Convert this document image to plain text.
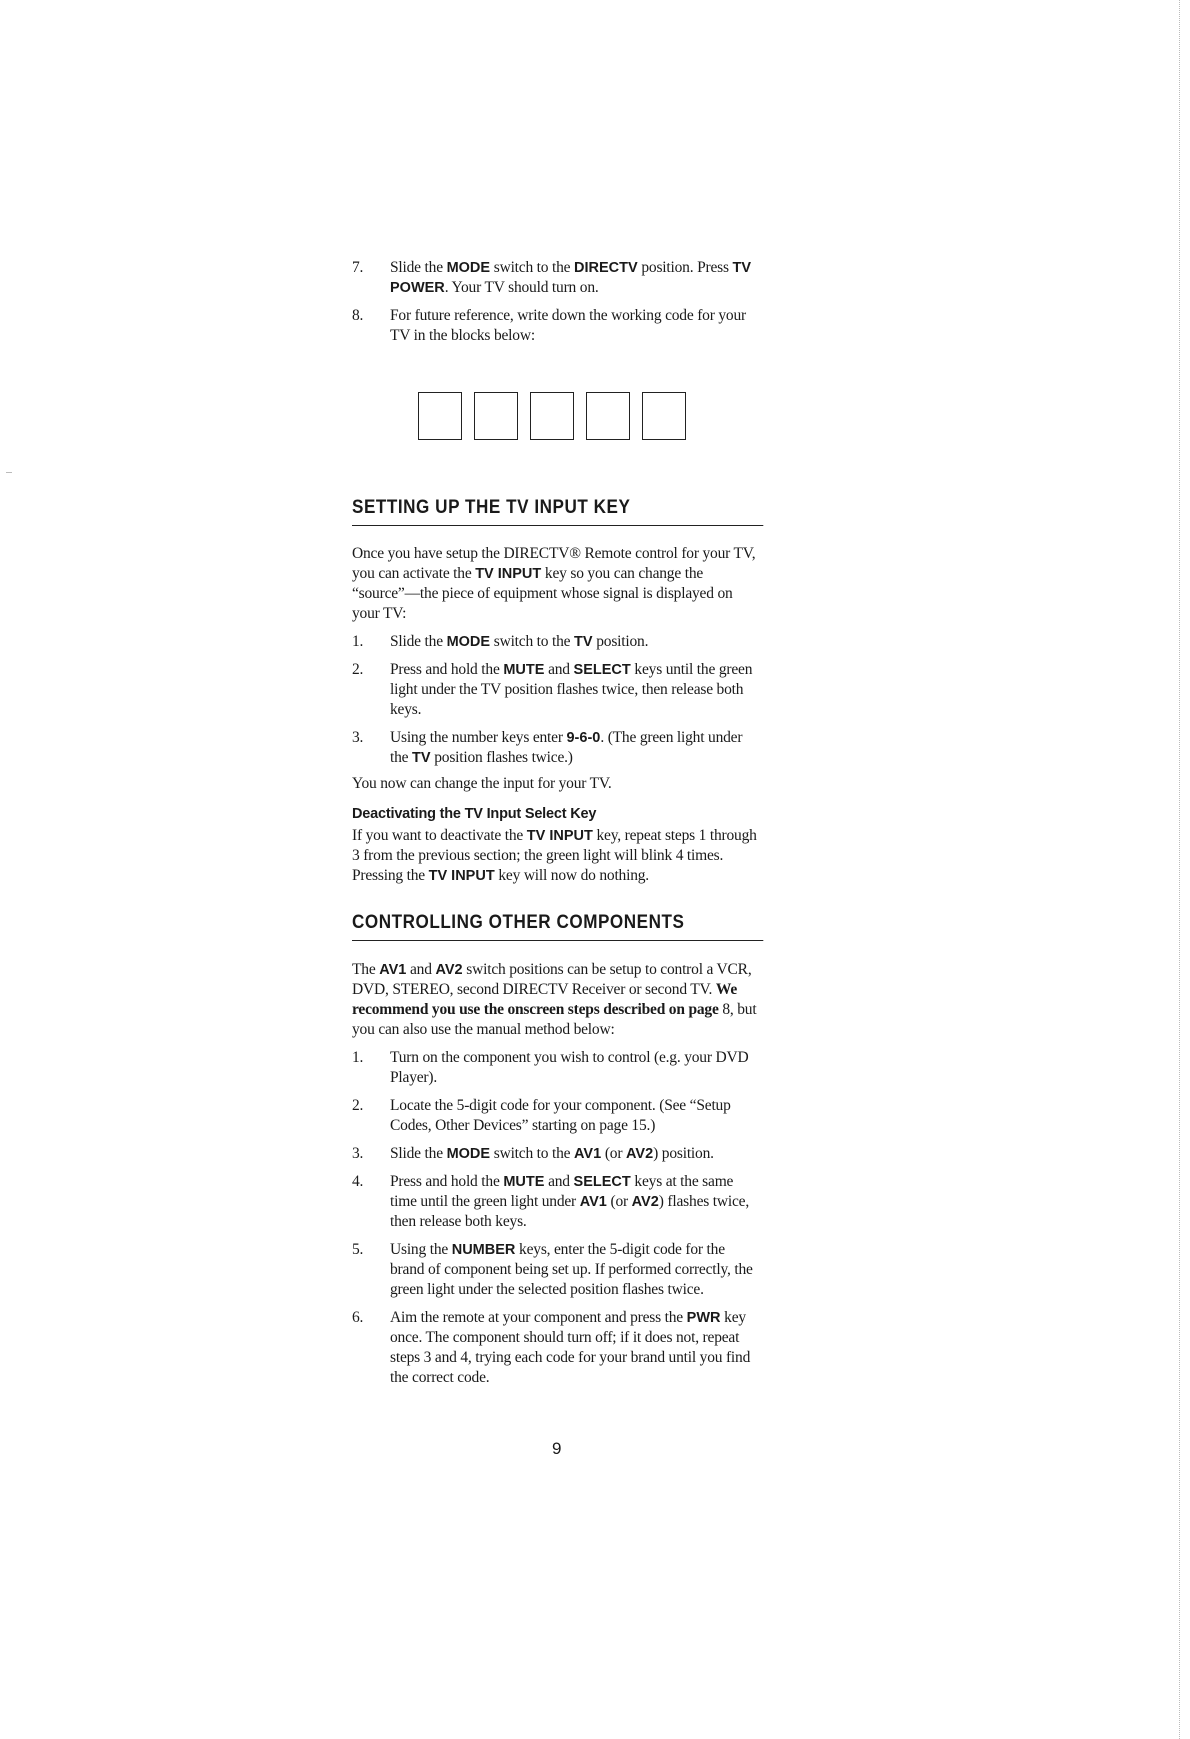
7.	Slide the MODE switch to the DIRECTV position. Press TV POWER. Your TV should turn on.
8.	For future reference, write down the working code for your TV in the blocks below:
SETTING UP THE TV INPUT KEY

Once you have setup the DIRECTV® Remote control for your TV, you can activate the TV INPUT key so you can change the “source”—the piece of equipment whose signal is displayed on your TV:

1.	Slide the MODE switch to the TV position.
2.	Press and hold the MUTE and SELECT keys until the green light under the TV position flashes twice, then release both keys.
3.	Using the number keys enter 9-6-0. (The green light under the TV position flashes twice.)

You now can change the input for your TV.

Deactivating the TV Input Select Key

If you want to deactivate the TV INPUT key, repeat steps 1 through 3 from the previous section; the green light will blink 4 times. Pressing the TV INPUT key will now do nothing.

CONTROLLING OTHER COMPONENTS

The AV1 and AV2 switch positions can be setup to control a VCR, DVD, STEREO, second DIRECTV Receiver or second TV. We recommend you use the onscreen steps described on page 8, but you can also use the manual method below:

1.	Turn on the component you wish to control (e.g. your DVD Player).
2.	Locate the 5-digit code for your component. (See “Setup Codes, Other Devices” starting on page 15.)
3.	Slide the MODE switch to the AV1 (or AV2) position.
4.	Press and hold the MUTE and SELECT keys at the same time until the green light under AV1 (or AV2) flashes twice, then release both keys.
5.	Using the NUMBER keys, enter the 5-digit code for the brand of component being set up. If performed correctly, the green light under the selected position flashes twice.
6.	Aim the remote at your component and press the PWR key once. The component should turn off; if it does not, repeat steps 3 and 4, trying each code for your brand until you find the correct code.
9
